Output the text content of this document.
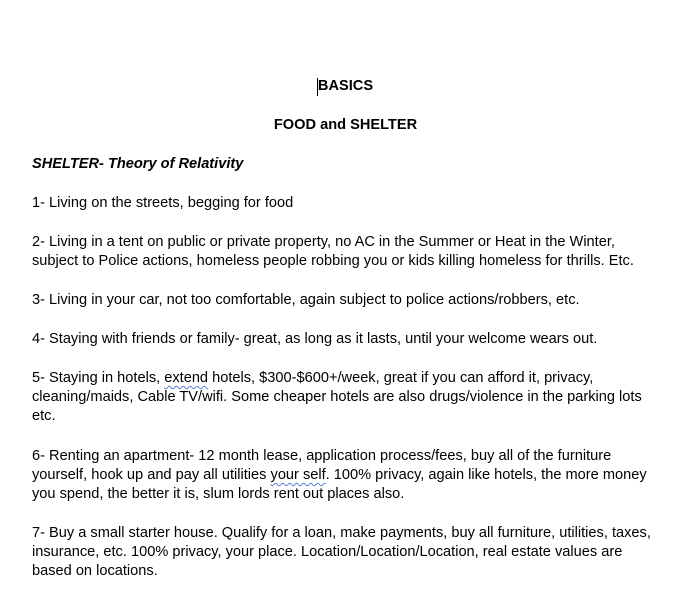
BASICS
FOOD and SHELTER
SHELTER- Theory of Relativity
1- Living on the streets, begging for food
2- Living in a tent on public or private property, no AC in the Summer or Heat in the Winter,
subject to Police actions, homeless people robbing you or kids killing homeless for thrills. Etc.
3- Living in your car, not too comfortable, again subject to police actions/robbers, etc.
4- Staying with friends or family- great, as long as it lasts, until your welcome wears out.
5- Staying in hotels, extend hotels, $300-$600+/week, great if you can afford it, privacy,
cleaning/maids, Cable TV/wifi. Some cheaper hotels are also drugs/violence in the parking lots
etc.
6- Renting an apartment- 12 month lease, application process/fees, buy all of the furniture
yourself, hook up and pay all utilities your self. 100% privacy, again like hotels, the more money
you spend, the better it is, slum lords rent out places also.
7- Buy a small starter house. Qualify for a loan, make payments, buy all furniture, utilities, taxes,
insurance, etc. 100% privacy, your place. Location/Location/Location, real estate values are
based on locations.
